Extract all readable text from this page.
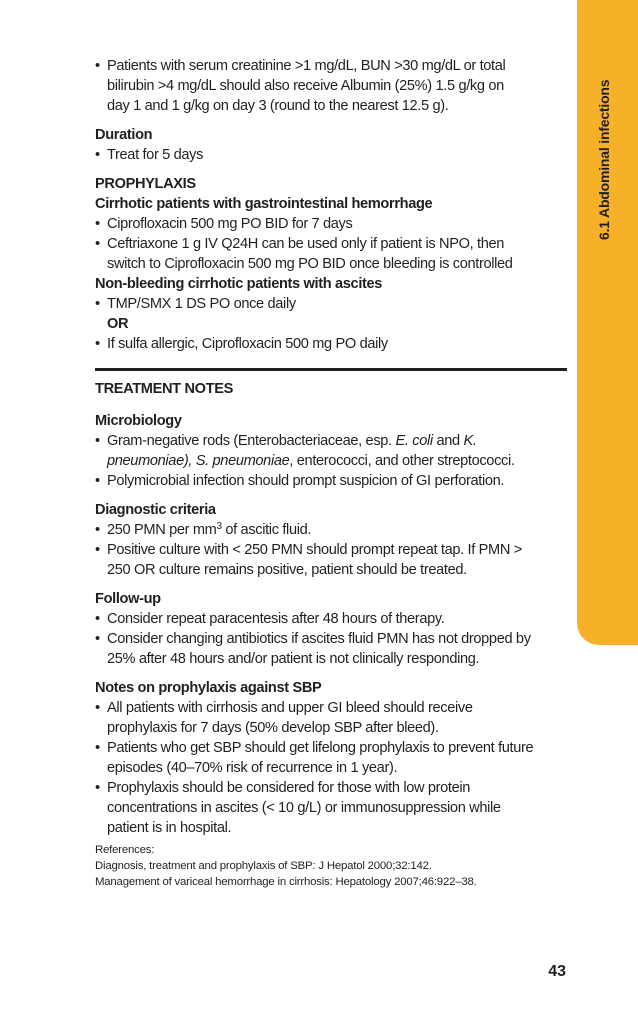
6.1 Abdominal infections
• Patients with serum creatinine >1 mg/dL, BUN >30 mg/dL or total
bilirubin >4 mg/dL should also receive Albumin (25%) 1.5 g/kg on
day 1 and 1 g/kg on day 3 (round to the nearest 12.5 g).
Duration
• Treat for 5 days
PROPHYLAXIS
Cirrhotic patients with gastrointestinal hemorrhage
• Ciprofloxacin 500 mg PO BID for 7 days
• Ceftriaxone 1 g IV Q24H can be used only if patient is NPO, then
switch to Ciprofloxacin 500 mg PO BID once bleeding is controlled
Non-bleeding cirrhotic patients with ascites
• TMP/SMX 1 DS PO once daily
OR
• If sulfa allergic, Ciprofloxacin 500 mg PO daily
TREATMENT NOTES
Microbiology
• Gram-negative rods (Enterobacteriaceae, esp. E. coli and K.
pneumoniae), S. pneumoniae, enterococci, and other streptococci.
• Polymicrobial infection should prompt suspicion of GI perforation.
Diagnostic criteria
• 250 PMN per $mm^3$ of ascitic fluid.
• Positive culture with < 250 PMN should prompt repeat tap. If PMN >
250 OR culture remains positive, patient should be treated.
Follow-up
• Consider repeat paracentesis after 48 hours of therapy.
• Consider changing antibiotics if ascites fluid PMN has not dropped by
25% after 48 hours and/or patient is not clinically responding.
Notes on prophylaxis against SBP
• All patients with cirrhosis and upper GI bleed should receive
prophylaxis for 7 days (50% develop SBP after bleed).
• Patients who get SBP should get lifelong prophylaxis to prevent future
episodes (40–70% risk of recurrence in 1 year).
• Prophylaxis should be considered for those with low protein
concentrations in ascites (< 10 g/L) or immunosuppression while
patient is in hospital.
References:
Diagnosis, treatment and prophylaxis of SBP: J Hepatol 2000;32:142.
Management of variceal hemorrhage in cirrhosis: Hepatology 2007;46:922–38.
43
